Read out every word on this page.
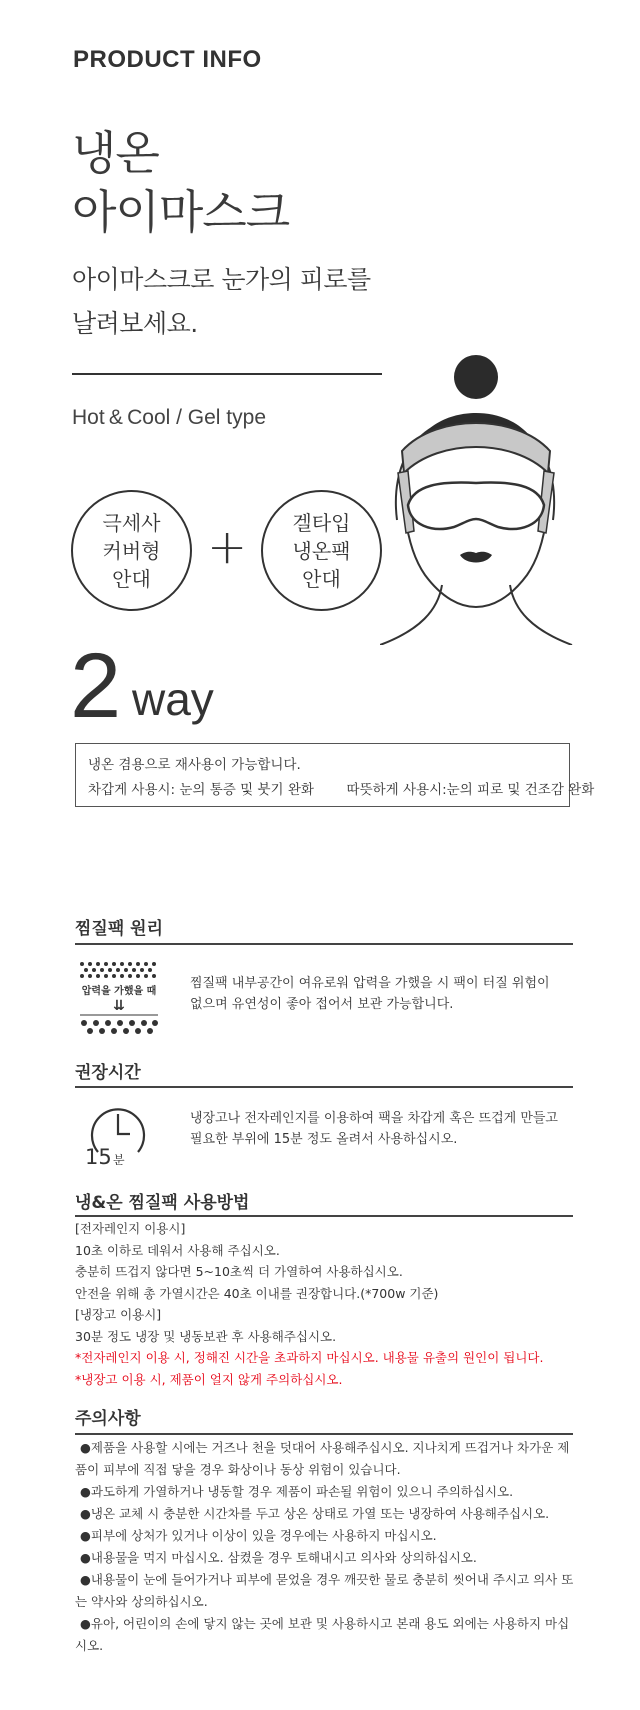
PRODUCT INFO
냉온
아이마스크
아이마스크로 눈가의 피로를
날려보세요.
Hot & Cool / Gel type
극세사
커버형
안대
+ 겔타입
냉온팩
안대
2 way
냉온 겸용으로 재사용이 가능합니다.
차갑게 사용시: 눈의 통증 및 붓기 완화 따뜻하게 사용시:눈의 피로 및 건조감 완화
찜질팩 원리
압력을 가했을 때
⇊
찜질팩 내부공간이 여유로워 압력을 가했을 시 팩이 터질 위험이
없으며 유연성이 좋아 접어서 보관 가능합니다.
권장시간
15 분
냉장고나 전자레인지를 이용하여 팩을 차갑게 혹은 뜨겁게 만들고
필요한 부위에 15분 정도 올려서 사용하십시오.
냉&온 찜질팩 사용방법
[전자레인지 이용시]
10초 이하로 데워서 사용해 주십시오.
충분히 뜨겁지 않다면 5~10초씩 더 가열하여 사용하십시오.
안전을 위해 총 가열시간은 40초 이내를 권장합니다.(*700w 기준)
[냉장고 이용시]
30분 정도 냉장 및 냉동보관 후 사용해주십시오.
*전자레인지 이용 시, 정해진 시간을 초과하지 마십시오. 내용물 유출의 원인이 됩니다.
*냉장고 이용 시, 제품이 얼지 않게 주의하십시오.
주의사항
●제품을 사용할 시에는 거즈나 천을 덧대어 사용해주십시오. 지나치게 뜨겁거나 차가운 제품이 피부에 직접 닿을 경우 화상이나 동상 위험이 있습니다.
●과도하게 가열하거나 냉동할 경우 제품이 파손될 위험이 있으니 주의하십시오.
●냉온 교체 시 충분한 시간차를 두고 상온 상태로 가열 또는 냉장하여 사용해주십시오.
●피부에 상처가 있거나 이상이 있을 경우에는 사용하지 마십시오.
●내용물을 먹지 마십시오. 삼켰을 경우 토해내시고 의사와 상의하십시오.
●내용물이 눈에 들어가거나 피부에 묻었을 경우 깨끗한 물로 충분히 씻어내 주시고 의사 또는 약사와 상의하십시오.
●유아, 어린이의 손에 닿지 않는 곳에 보관 및 사용하시고 본래 용도 외에는 사용하지 마십시오.
